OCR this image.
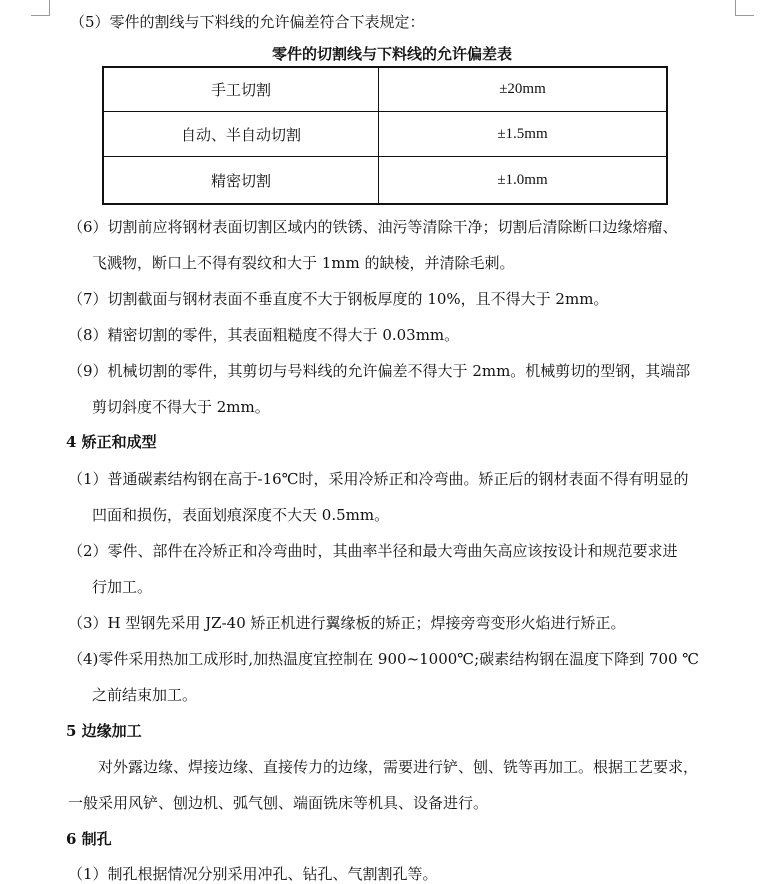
（5）零件的割线与下料线的允许偏差符合下表规定：
零件的切割线与下料线的允许偏差表
手工切割	±20mm
自动、半自动切割	±1.5mm
精密切割	±1.0mm
（6）切割前应将钢材表面切割区域内的铁锈、油污等清除干净；切割后清除断口边缘熔瘤、
飞溅物，断口上不得有裂纹和大于 1mm 的缺棱，并清除毛刺。
（7）切割截面与钢材表面不垂直度不大于钢板厚度的 10%，且不得大于 2mm。
（8）精密切割的零件，其表面粗糙度不得大于 0.03mm。
（9）机械切割的零件，其剪切与号料线的允许偏差不得大于 2mm。机械剪切的型钢，其端部
剪切斜度不得大于 2mm。
4 矫正和成型
（1）普通碳素结构钢在高于-16℃时，采用冷矫正和冷弯曲。矫正后的钢材表面不得有明显的
凹面和损伤，表面划痕深度不大天 0.5mm。
（2）零件、部件在冷矫正和冷弯曲时，其曲率半径和最大弯曲矢高应该按设计和规范要求进
行加工。
（3）H 型钢先采用 JZ-40 矫正机进行翼缘板的矫正；焊接旁弯变形火焰进行矫正。
（4)零件采用热加工成形时,加热温度宜控制在 900~1000℃;碳素结构钢在温度下降到 700 ℃
之前结束加工。
5 边缘加工
对外露边缘、焊接边缘、直接传力的边缘，需要进行铲、刨、铣等再加工。根据工艺要求，
一般采用风铲、刨边机、弧气刨、端面铣床等机具、设备进行。
6 制孔
（1）制孔根据情况分别采用冲孔、钻孔、气割割孔等。
